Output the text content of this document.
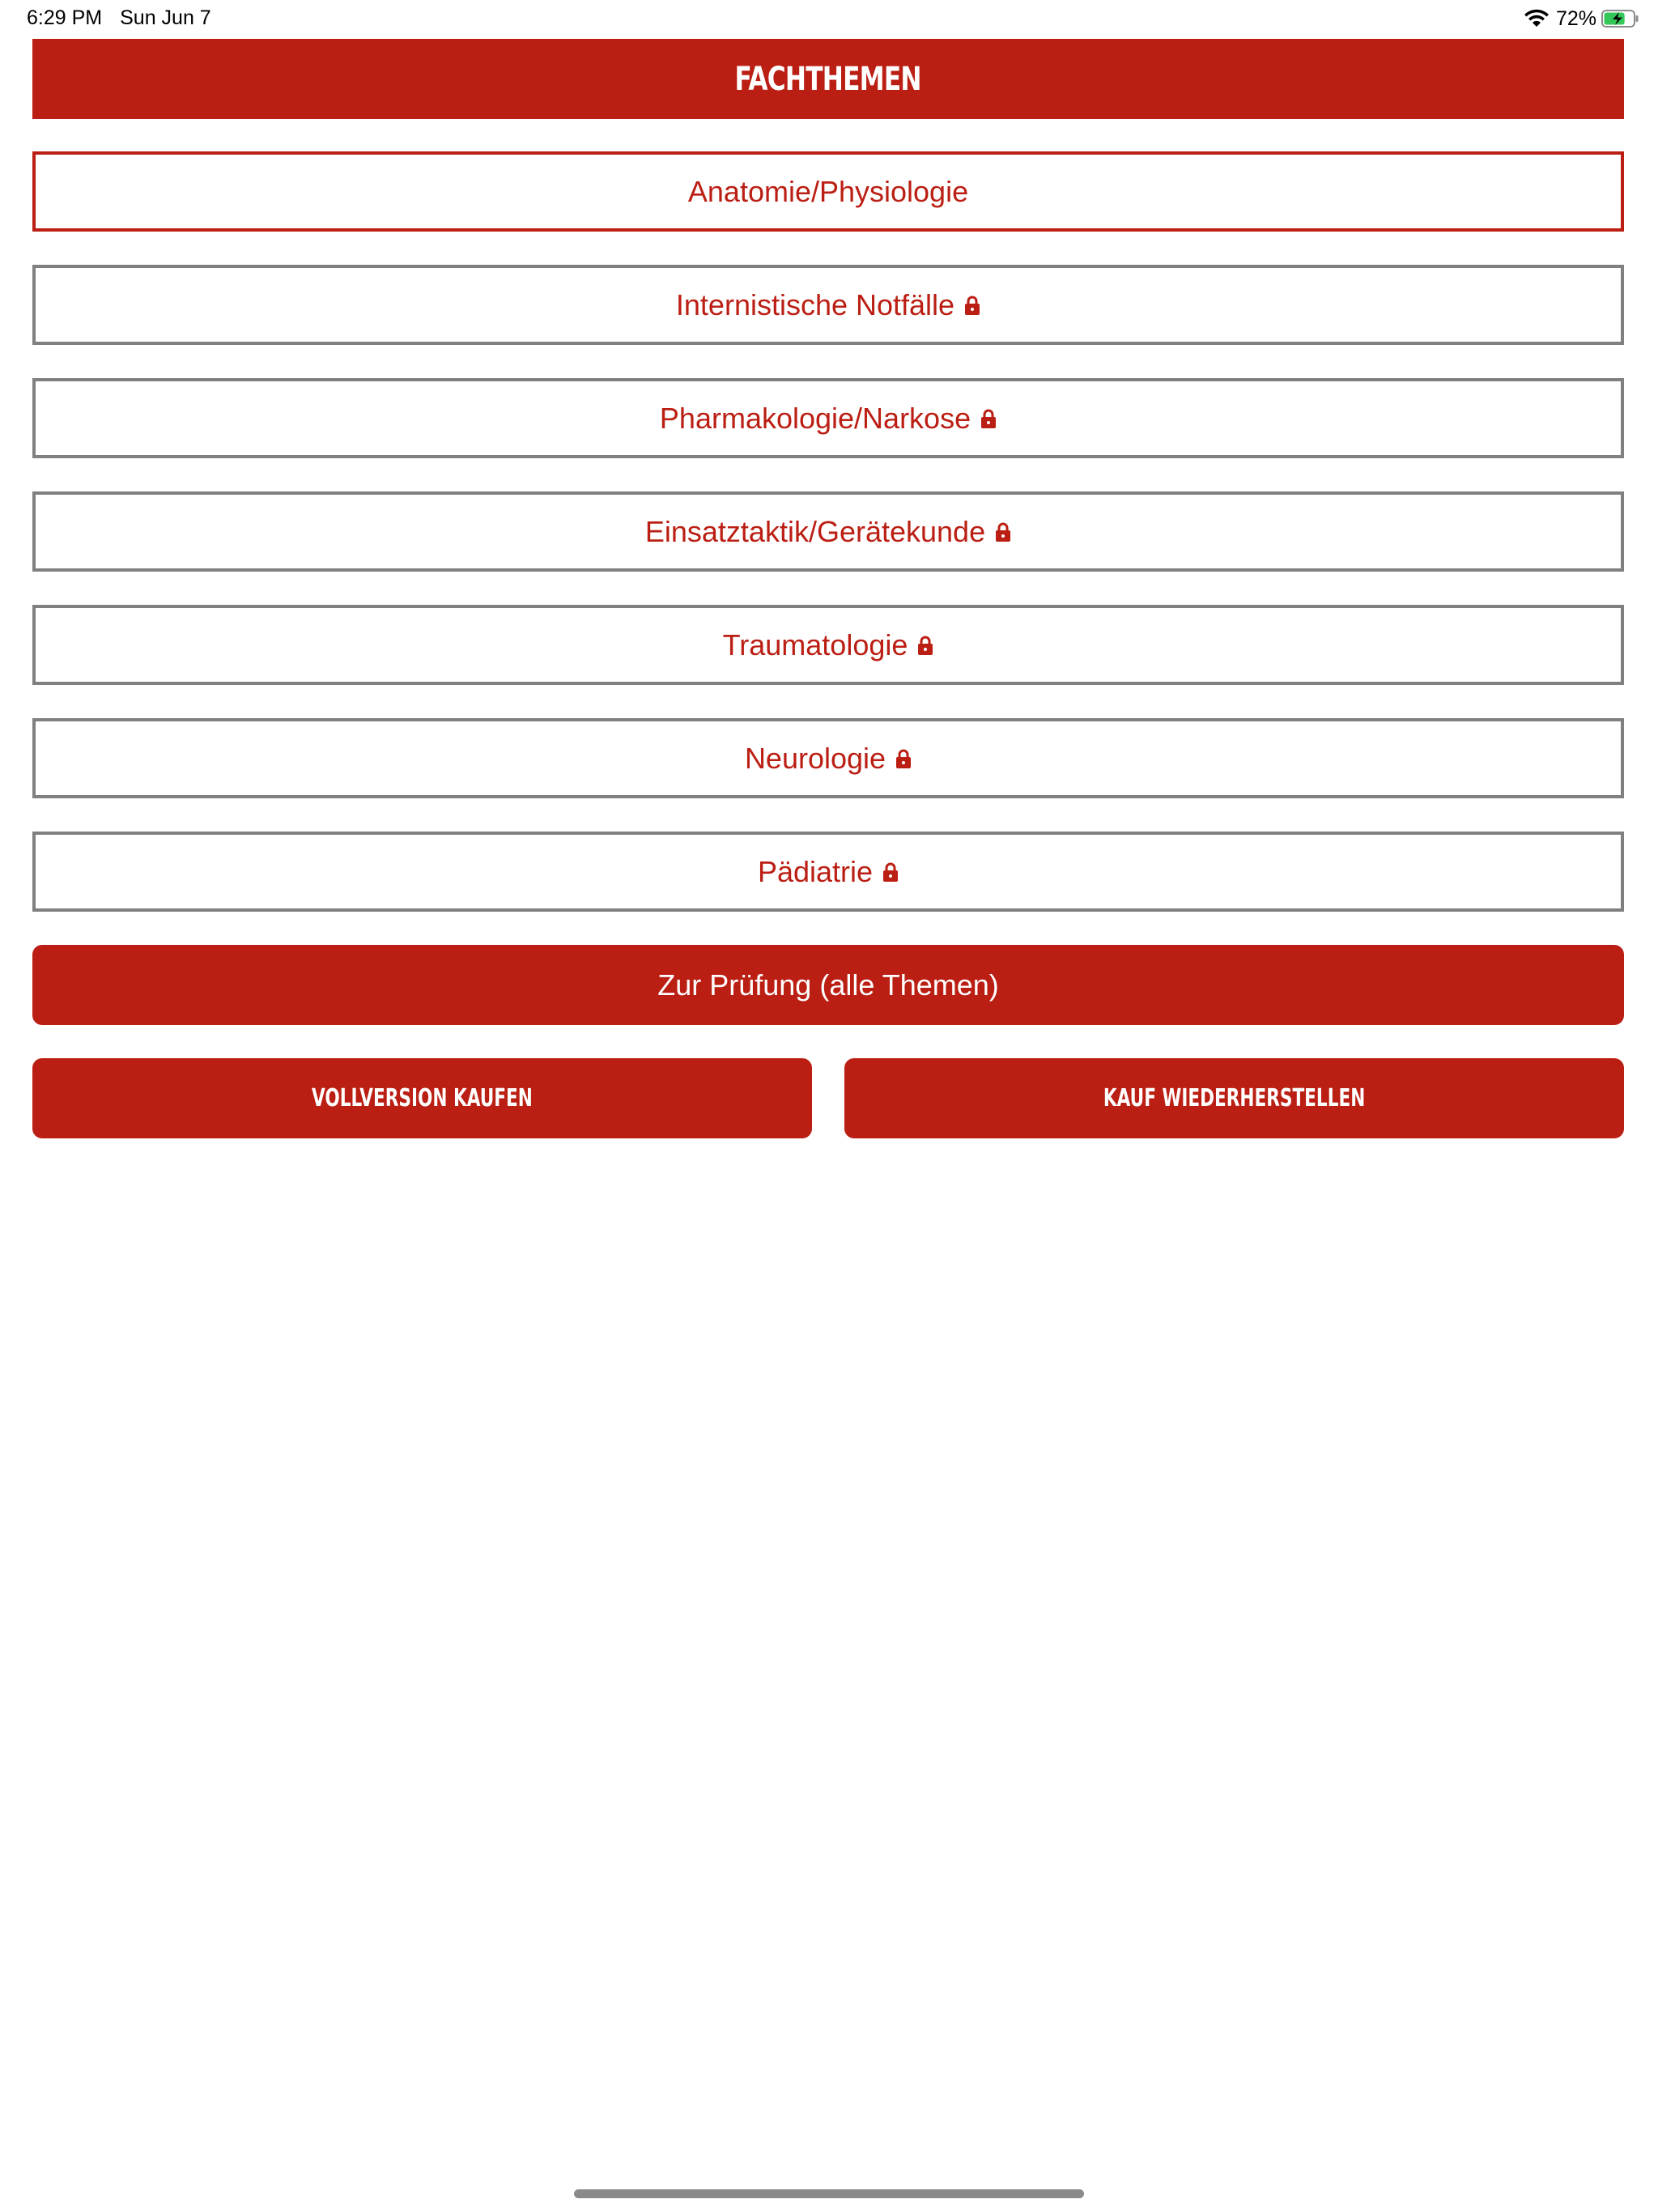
6:29 PM Sun Jun 7	72%
FACHTHEMEN
Anatomie/Physiologie
Internistische Notfälle
Pharmakologie/Narkose
Einsatztaktik/Gerätekunde
Traumatologie
Neurologie
Pädiatrie
Zur Prüfung (alle Themen)
VOLLVERSION KAUFEN	KAUF WIEDERHERSTELLEN
